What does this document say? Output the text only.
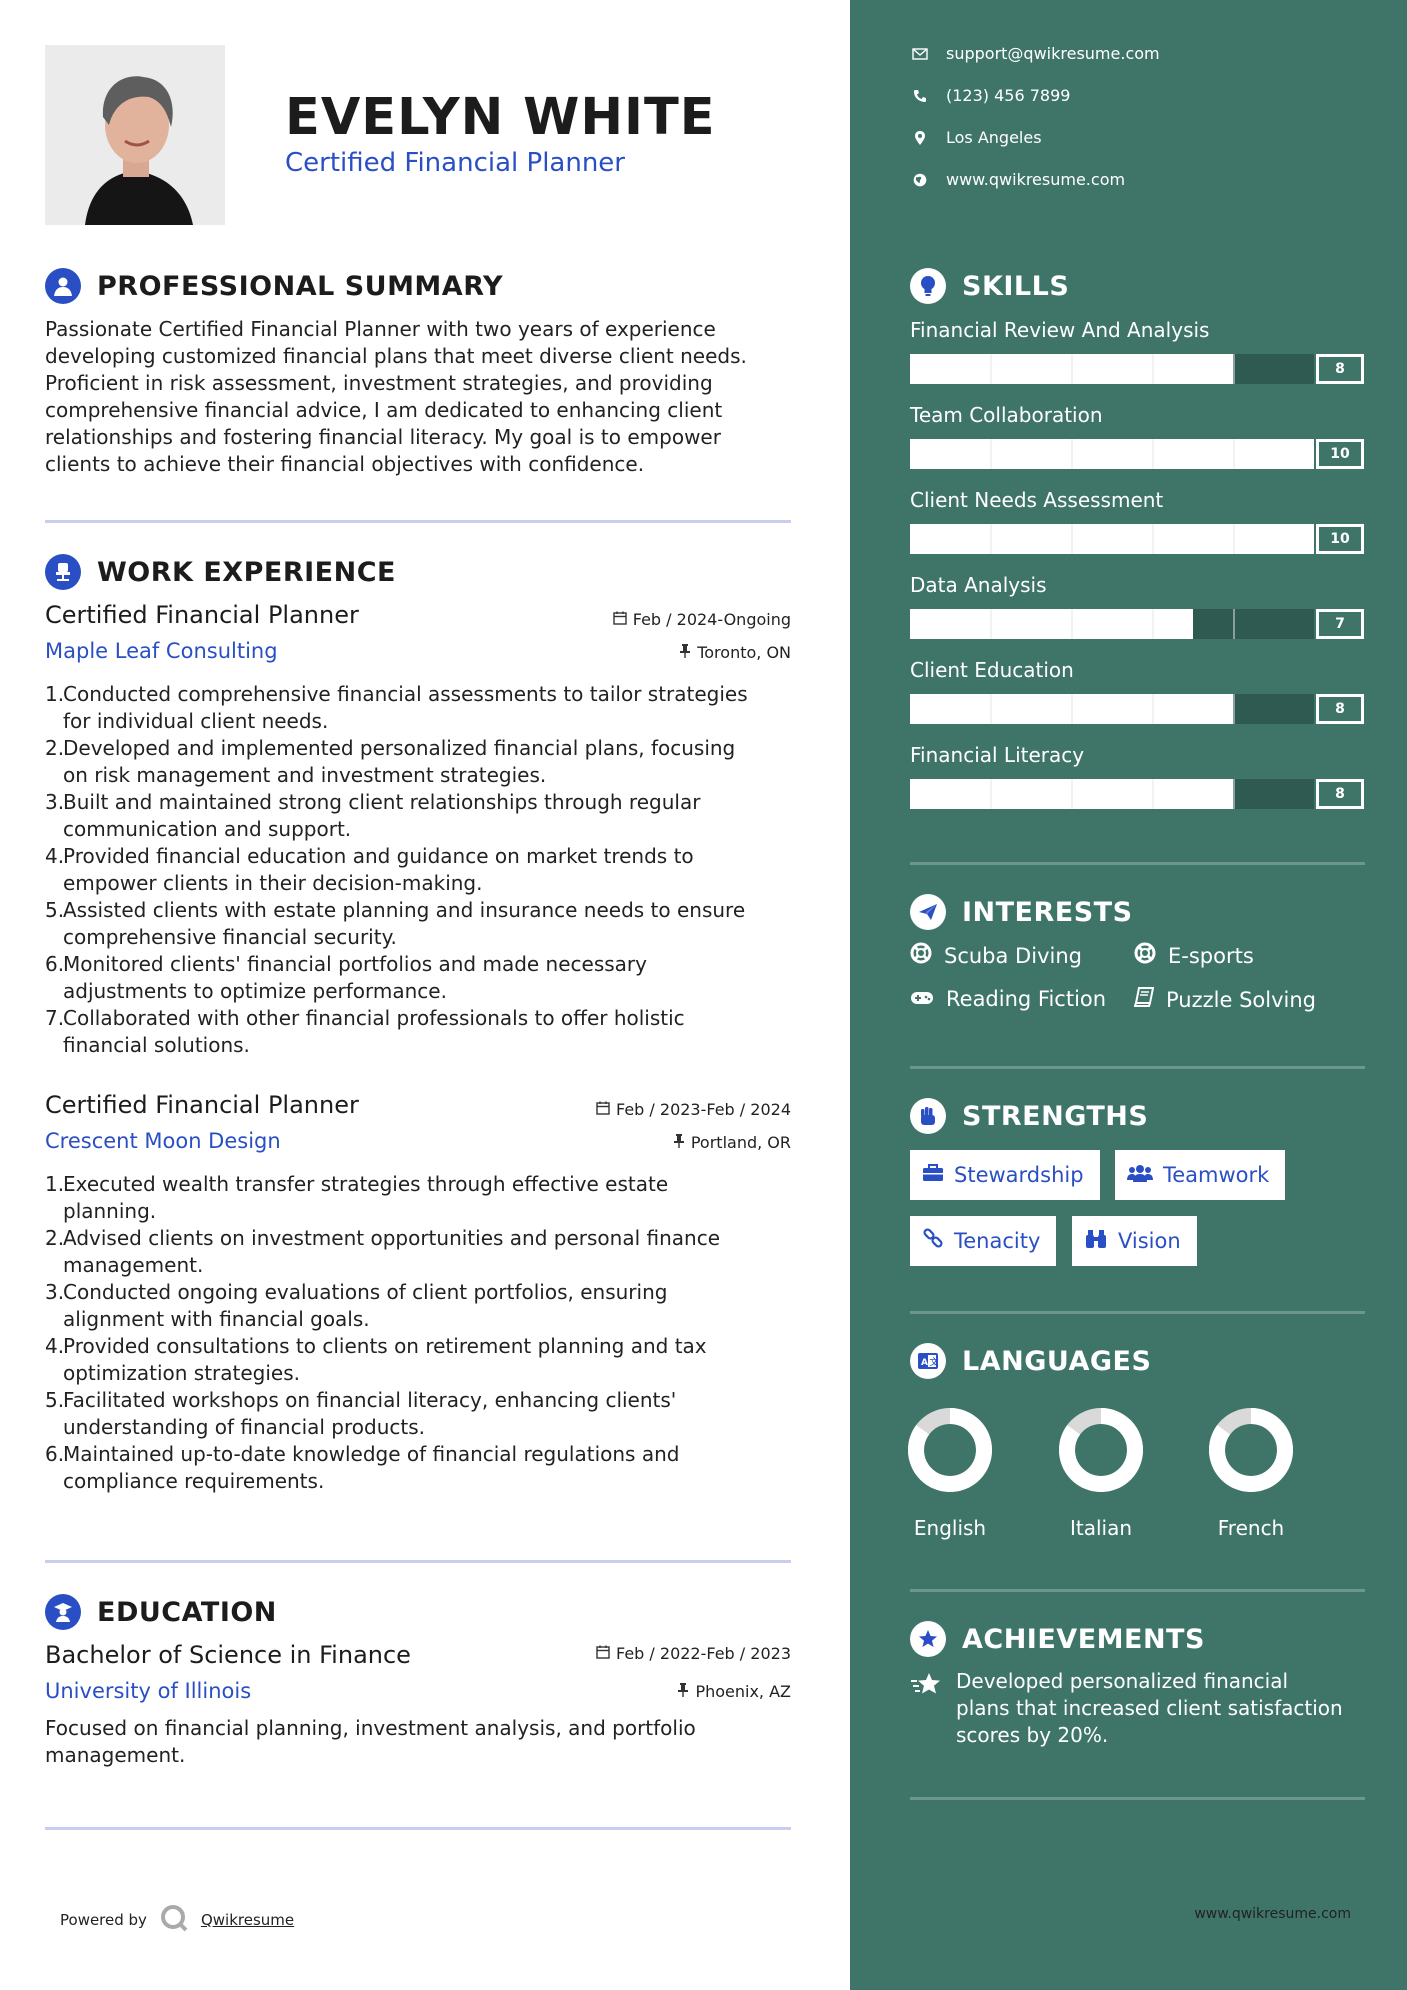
EVELYN WHITE
Certified Financial Planner
PROFESSIONAL SUMMARY
Passionate Certified Financial Planner with two years of experience
developing customized financial plans that meet diverse client needs.
Proficient in risk assessment, investment strategies, and providing
comprehensive financial advice, I am dedicated to enhancing client
relationships and fostering financial literacy. My goal is to empower
clients to achieve their financial objectives with confidence.
WORK EXPERIENCE
Certified Financial Planner	Feb / 2024-Ongoing
Maple Leaf Consulting	Toronto, ON
1.
Conducted comprehensive financial assessments to tailor strategies
for individual client needs.
2.
Developed and implemented personalized financial plans, focusing
on risk management and investment strategies.
3.
Built and maintained strong client relationships through regular
communication and support.
4.
Provided financial education and guidance on market trends to
empower clients in their decision-making.
5.
Assisted clients with estate planning and insurance needs to ensure
comprehensive financial security.
6.
Monitored clients' financial portfolios and made necessary
adjustments to optimize performance.
7.
Collaborated with other financial professionals to offer holistic
financial solutions.
Certified Financial Planner	Feb / 2023-Feb / 2024
Crescent Moon Design	Portland, OR
1.
Executed wealth transfer strategies through effective estate
planning.
2.
Advised clients on investment opportunities and personal finance
management.
3.
Conducted ongoing evaluations of client portfolios, ensuring
alignment with financial goals.
4.
Provided consultations to clients on retirement planning and tax
optimization strategies.
5.
Facilitated workshops on financial literacy, enhancing clients'
understanding of financial products.
6.
Maintained up-to-date knowledge of financial regulations and
compliance requirements.
EDUCATION
Bachelor of Science in Finance	Feb / 2022-Feb / 2023
University of Illinois	Phoenix, AZ
Focused on financial planning, investment analysis, and portfolio
management.
Powered by	Qwikresume
support@qwikresume.com
(123) 456 7899
Los Angeles
www.qwikresume.com
SKILLS
Financial Review And Analysis
8
Team Collaboration
10
Client Needs Assessment
10
Data Analysis
7
Client Education
8
Financial Literacy
8
INTERESTS
Scuba Diving	E-sports
Reading Fiction	Puzzle Solving
STRENGTHS
Stewardship	Teamwork
Tenacity	Vision
A 文 LANGUAGES
English	Italian	French
ACHIEVEMENTS
Developed personalized financial
plans that increased client satisfaction
scores by 20%.
www.qwikresume.com
